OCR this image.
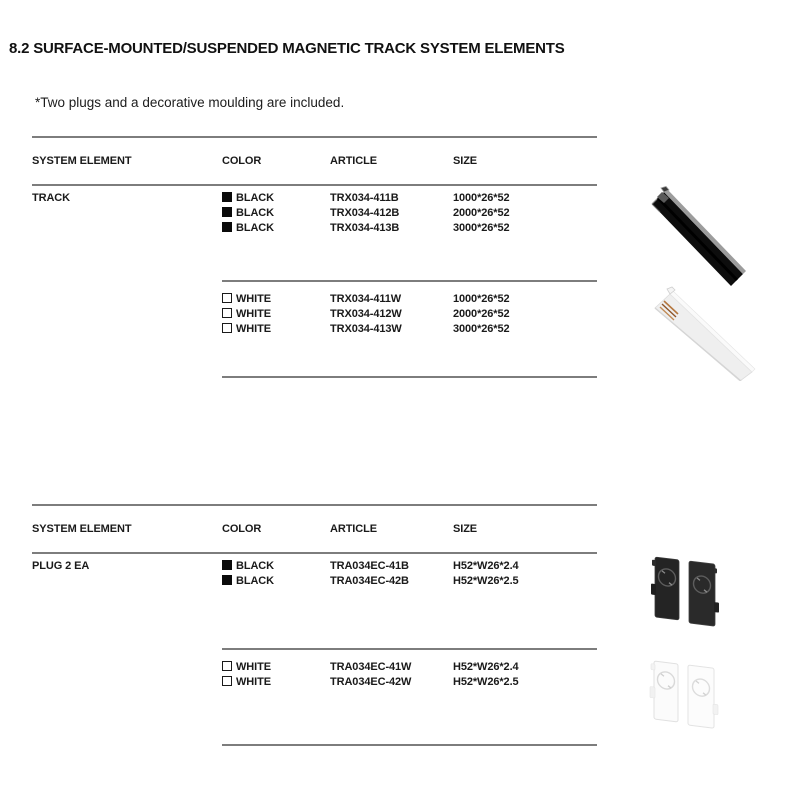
8.2 SURFACE-MOUNTED/SUSPENDED MAGNETIC TRACK SYSTEM ELEMENTS
*Two plugs and a decorative moulding are included.
SYSTEM ELEMENT	COLOR	ARTICLE	SIZE
TRACK	BLACK	TRX034-411B	1000*26*52
BLACK	TRX034-412B	2000*26*52
BLACK	TRX034-413B	3000*26*52
WHITE	TRX034-411W	1000*26*52
WHITE	TRX034-412W	2000*26*52
WHITE	TRX034-413W	3000*26*52
SYSTEM ELEMENT	COLOR	ARTICLE	SIZE
PLUG 2 EA	BLACK	TRA034EC-41B	H52*W26*2.4
BLACK	TRA034EC-42B	H52*W26*2.5
WHITE	TRA034EC-41W	H52*W26*2.4
WHITE	TRA034EC-42W	H52*W26*2.5
